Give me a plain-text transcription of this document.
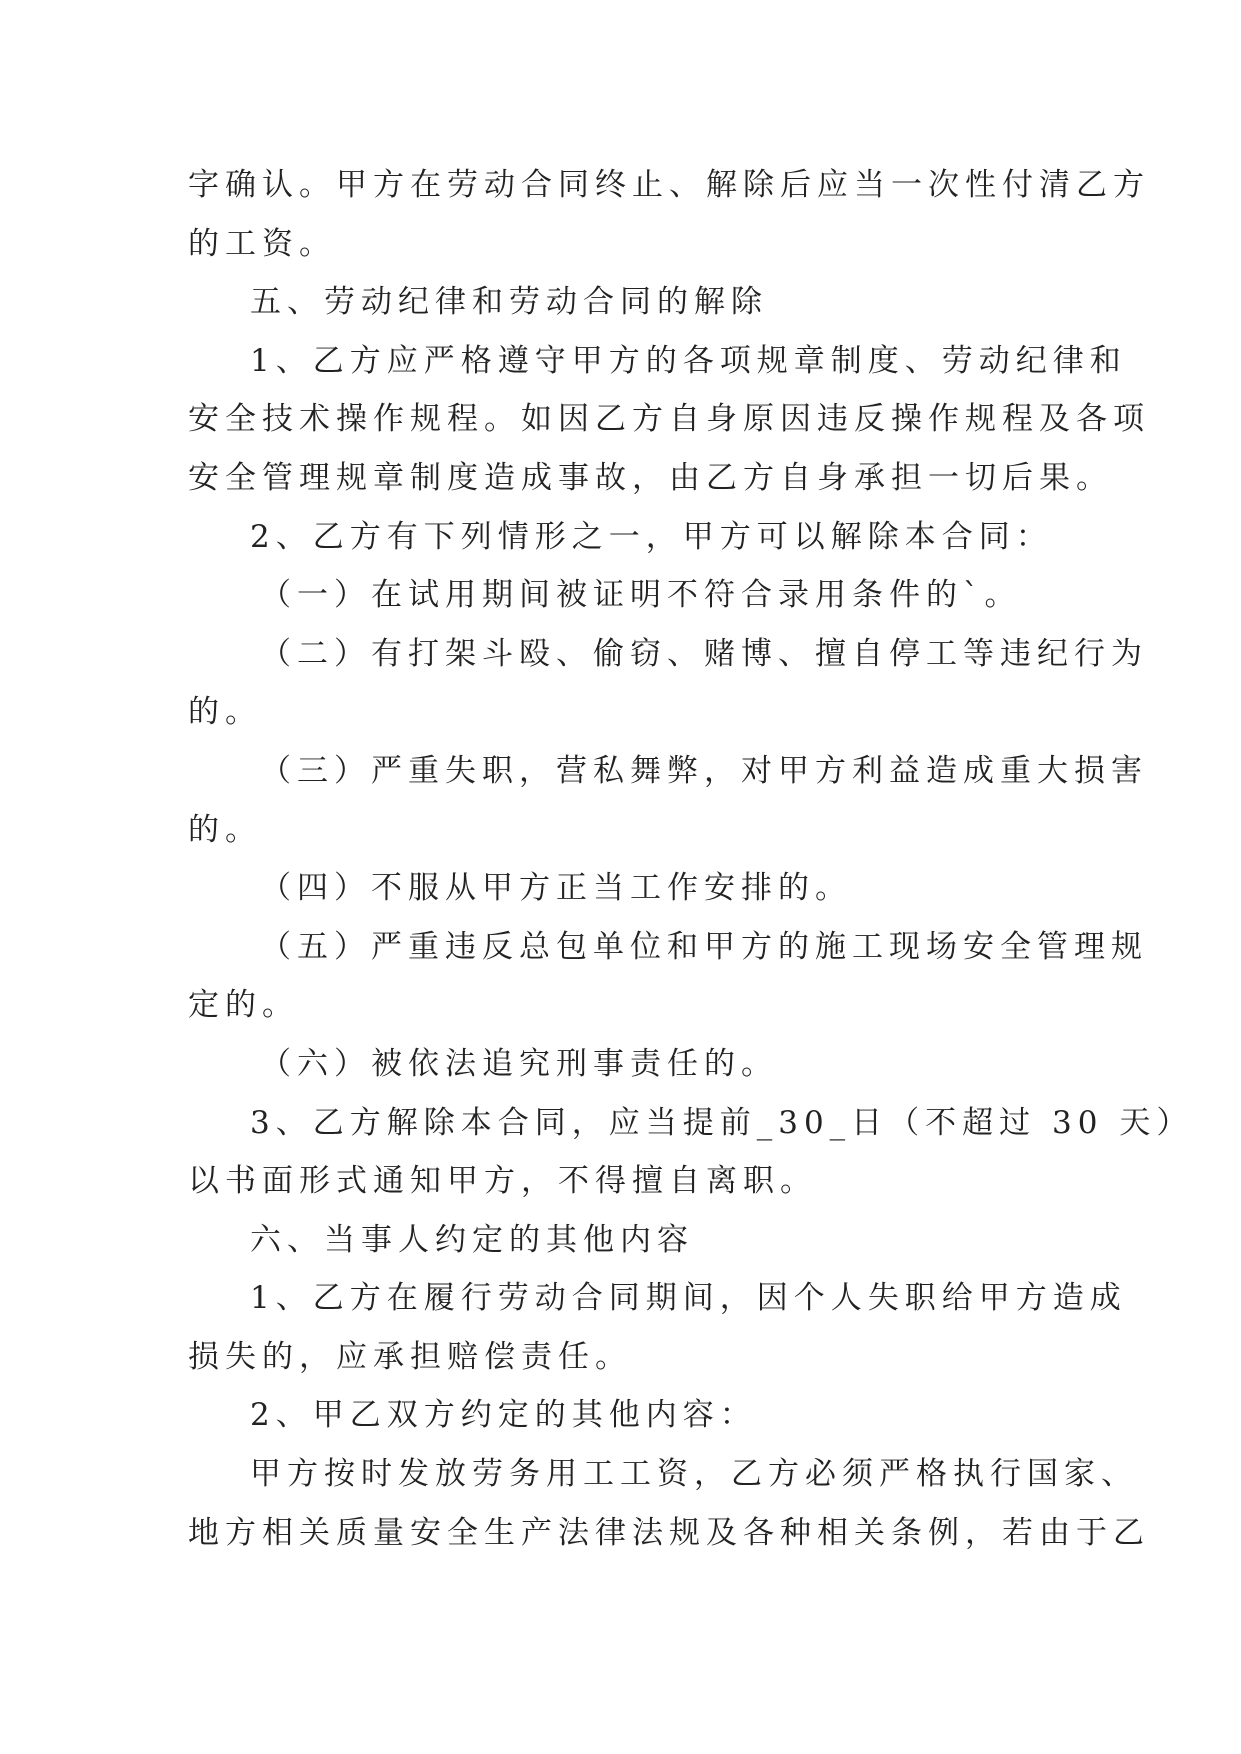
字确认。甲方在劳动合同终止、解除后应当一次性付清乙方
的工资。
五、劳动纪律和劳动合同的解除
1、乙方应严格遵守甲方的各项规章制度、劳动纪律和
安全技术操作规程。如因乙方自身原因违反操作规程及各项
安全管理规章制度造成事故，由乙方自身承担一切后果。
2、乙方有下列情形之一，甲方可以解除本合同：
（一）在试用期间被证明不符合录用条件的`。
（二）有打架斗殴、偷窃、赌博、擅自停工等违纪行为
的。
（三）严重失职，营私舞弊，对甲方利益造成重大损害
的。
（四）不服从甲方正当工作安排的。
（五）严重违反总包单位和甲方的施工现场安全管理规
定的。
（六）被依法追究刑事责任的。
3、乙方解除本合同，应当提前_30_日（不超过 30 天）
以书面形式通知甲方，不得擅自离职。
六、当事人约定的其他内容
1、乙方在履行劳动合同期间，因个人失职给甲方造成
损失的，应承担赔偿责任。
2、甲乙双方约定的其他内容：
甲方按时发放劳务用工工资，乙方必须严格执行国家、
地方相关质量安全生产法律法规及各种相关条例，若由于乙
